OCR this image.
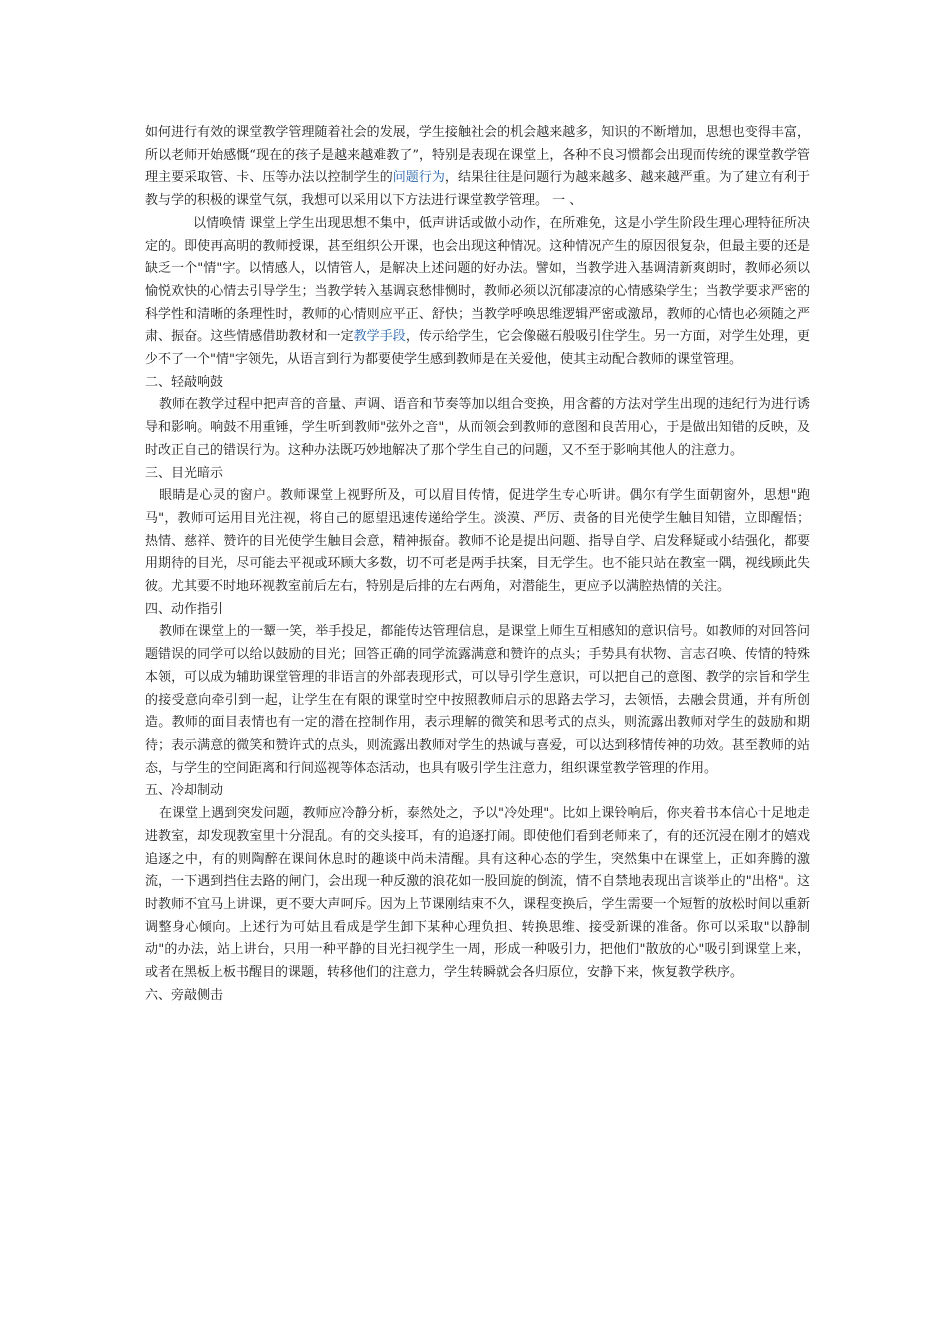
如何进行有效的课堂教学管理随着社会的发展，学生接触社会的机会越来越多，知识的不断增加，思想也变得丰富，所以老师开始感慨“现在的孩子是越来越难教了”，特别是表现在课堂上，各种不良习惯都会出现而传统的课堂教学管理主要采取管、卡、压等办法以控制学生的问题行为，结果往往是问题行为越来越多、越来越严重。为了建立有利于教与学的积极的课堂气氛，我想可以采用以下方法进行课堂教学管理。 一 、

以情唤情 课堂上学生出现思想不集中，低声讲话或做小动作，在所难免，这是小学生阶段生理心理特征所决定的。即使再高明的教师授课，甚至组织公开课，也会出现这种情况。这种情况产生的原因很复杂，但最主要的还是缺乏一个"情"字。以情感人，以情管人，是解决上述问题的好办法。譬如，当教学进入基调清新爽朗时，教师必须以愉悦欢快的心情去引导学生；当教学转入基调哀愁悱恻时，教师必须以沉郁凄凉的心情感染学生；当教学要求严密的科学性和清晰的条理性时，教师的心情则应平正、舒快；当教学呼唤思维逻辑严密或激昂，教师的心情也必须随之严肃、振奋。这些情感借助教材和一定教学手段，传示给学生，它会像磁石般吸引住学生。另一方面，对学生处理，更少不了一个"情"字领先，从语言到行为都要使学生感到教师是在关爱他，使其主动配合教师的课堂管理。

二、轻敲响鼓

教师在教学过程中把声音的音量、声调、语音和节奏等加以组合变换，用含蓄的方法对学生出现的违纪行为进行诱导和影响。响鼓不用重锤，学生听到教师"弦外之音"，从而领会到教师的意图和良苦用心，于是做出知错的反映，及时改正自己的错误行为。这种办法既巧妙地解决了那个学生自己的问题，又不至于影响其他人的注意力。

三、目光暗示

眼睛是心灵的窗户。教师课堂上视野所及，可以眉目传情，促进学生专心听讲。偶尔有学生面朝窗外，思想"跑马"，教师可运用目光注视，将自己的愿望迅速传递给学生。淡漠、严厉、责备的目光使学生触目知错，立即醒悟；热情、慈祥、赞许的目光使学生触目会意，精神振奋。教师不论是提出问题、指导自学、启发释疑或小结强化，都要用期待的目光，尽可能去平视或环顾大多数，切不可老是两手扶案，目无学生。也不能只站在教室一隅，视线顾此失彼。尤其要不时地环视教室前后左右，特别是后排的左右两角，对潜能生，更应予以满腔热情的关注。

四、动作指引

教师在课堂上的一颦一笑，举手投足，都能传达管理信息，是课堂上师生互相感知的意识信号。如教师的对回答问题错误的同学可以给以鼓励的目光；回答正确的同学流露满意和赞许的点头；手势具有状物、言志召唤、传情的特殊本领，可以成为辅助课堂管理的非语言的外部表现形式，可以导引学生意识，可以把自己的意图、教学的宗旨和学生的接受意向牵引到一起，让学生在有限的课堂时空中按照教师启示的思路去学习，去领悟，去融会贯通，并有所创造。教师的面目表情也有一定的潜在控制作用，表示理解的微笑和思考式的点头，则流露出教师对学生的鼓励和期待；表示满意的微笑和赞许式的点头，则流露出教师对学生的热诚与喜爱，可以达到移情传神的功效。甚至教师的站态，与学生的空间距离和行间巡视等体态活动，也具有吸引学生注意力，组织课堂教学管理的作用。

五、冷却制动

在课堂上遇到突发问题，教师应冷静分析，泰然处之，予以"冷处理"。比如上课铃响后，你夹着书本信心十足地走进教室，却发现教室里十分混乱。有的交头接耳，有的追逐打闹。即使他们看到老师来了，有的还沉浸在刚才的嬉戏追逐之中，有的则陶醉在课间休息时的趣谈中尚未清醒。具有这种心态的学生，突然集中在课堂上，正如奔腾的激流，一下遇到挡住去路的闸门，会出现一种反激的浪花如一股回旋的倒流，情不自禁地表现出言谈举止的"出格"。这时教师不宜马上讲课，更不要大声呵斥。因为上节课刚结束不久，课程变换后，学生需要一个短暂的放松时间以重新调整身心倾向。上述行为可姑且看成是学生卸下某种心理负担、转换思维、接受新课的准备。你可以采取"以静制动"的办法，站上讲台，只用一种平静的目光扫视学生一周，形成一种吸引力，把他们"散放的心"吸引到课堂上来，或者在黑板上板书醒目的课题，转移他们的注意力，学生转瞬就会各归原位，安静下来，恢复教学秩序。

六、旁敲侧击
